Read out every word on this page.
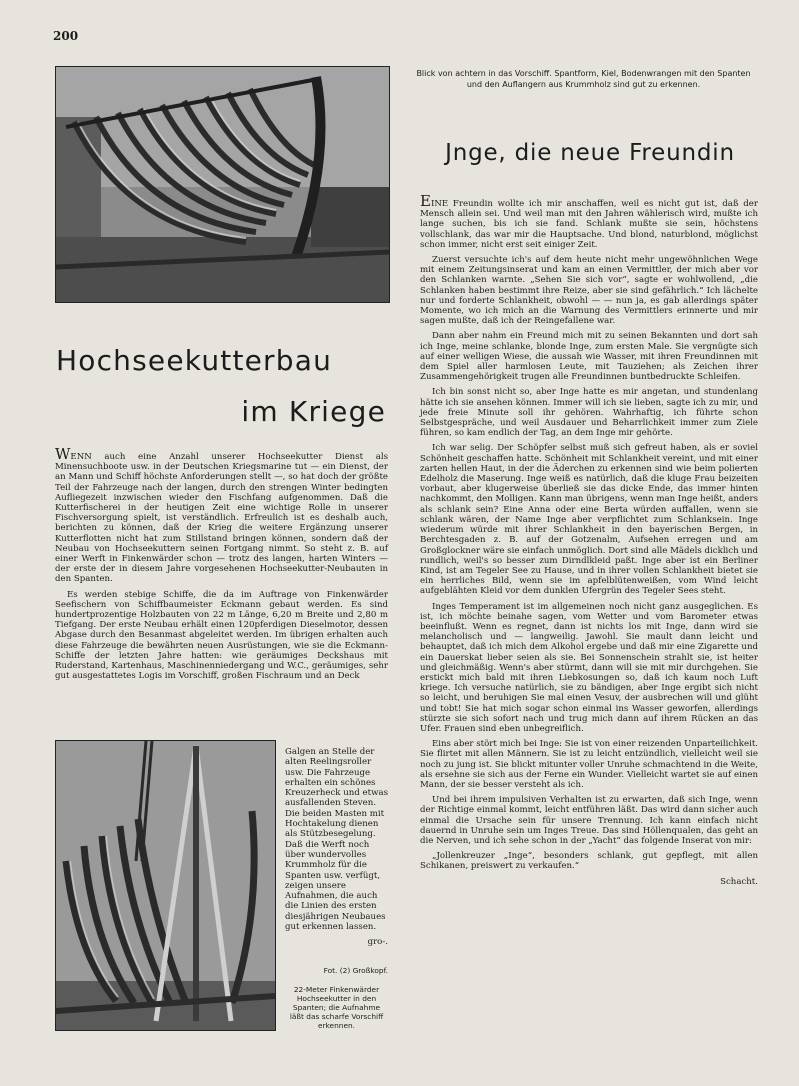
200
Blick von achtern in das Vorschiff. Spantform, Kiel, Bodenwrangen mit den Spanten und den Auflangern aus Krummholz sind gut zu erkennen.
Jnge, die neue Freundin
Hochseekutterbau
im Kriege

WENN auch eine Anzahl unserer Hochseekutter Dienst als Minensuchboote usw. in der Deutschen Kriegsmarine tut — ein Dienst, der an Mann und Schiff höchste Anforderungen stellt —, so hat doch der größte Teil der Fahrzeuge nach der langen, durch den strengen Winter bedingten Aufliegezeit inzwischen wieder den Fischfang aufgenommen. Daß die Kutterfischerei in der heutigen Zeit eine wichtige Rolle in unserer Fischversorgung spielt, ist verständlich. Erfreulich ist es deshalb auch, berichten zu können, daß der Krieg die weitere Ergänzung unserer Kutterflotten nicht hat zum Stillstand bringen können, sondern daß der Neubau von Hochseekuttern seinen Fortgang nimmt. So steht z. B. auf einer Werft in Finkenwärder schon — trotz des langen, harten Winters — der erste der in diesem Jahre vorgesehenen Hochseekutter-Neubauten in den Spanten.

Es werden stebige Schiffe, die da im Auftrage von Finkenwärder Seefischern von Schiffbaumeister Eckmann gebaut werden. Es sind hundertprozentige Holzbauten von 22 m Länge, 6,20 m Breite und 2,80 m Tiefgang. Der erste Neubau erhält einen 120pferdigen Dieselmotor, dessen Abgase durch den Besanmast abgeleitet werden. Im übrigen erhalten auch diese Fahrzeuge die bewährten neuen Ausrüstungen, wie sie die Eckmann-Schiffe der letzten Jahre hatten: wie geräumiges Deckshaus mit Ruderstand, Kartenhaus, Maschinenniedergang und W.C., geräumiges, sehr gut ausgestattetes Logis im Vorschiff, großen Fischraum und an Deck

Galgen an Stelle der alten Reelingsroller usw. Die Fahrzeuge erhalten ein schönes Kreuzerheck und etwas ausfallenden Steven. Die beiden Masten mit Hochtakelung dienen als Stützbesegelung. Daß die Werft noch über wundervolles Krummholz für die Spanten usw. verfügt, zeigen unsere Aufnahmen, die auch die Linien des ersten diesjährigen Neubaues gut erkennen lassen.

gro-.

Fot. (2) Großkopf.
22-Meter Finkenwärder Hochseekutter in den Spanten; die Aufnahme läßt das scharfe Vorschiff erkennen.

EINE Freundin wollte ich mir anschaffen, weil es nicht gut ist, daß der Mensch allein sei. Und weil man mit den Jahren wählerisch wird, mußte ich lange suchen, bis ich sie fand. Schlank mußte sie sein, höchstens vollschlank, das war mir die Hauptsache. Und blond, naturblond, möglichst schon immer, nicht erst seit einiger Zeit.

Zuerst versuchte ich's auf dem heute nicht mehr ungewöhnlichen Wege mit einem Zeitungsinserat und kam an einen Vermittler, der mich aber vor den Schlanken warnte. „Sehen Sie sich vor“, sagte er wohlwollend, „die Schlanken haben bestimmt ihre Reize, aber sie sind gefährlich.“ Ich lächelte nur und forderte Schlankheit, obwohl — — nun ja, es gab allerdings später Momente, wo ich mich an die Warnung des Vermittlers erinnerte und mir sagen mußte, daß ich der Reingefallene war.

Dann aber nahm ein Freund mich mit zu seinen Bekannten und dort sah ich Inge, meine schlanke, blonde Inge, zum ersten Male. Sie vergnügte sich auf einer welligen Wiese, die aussah wie Wasser, mit ihren Freundinnen mit dem Spiel aller harmlosen Leute, mit Tauziehen; als Zeichen ihrer Zusammengehörigkeit trugen alle Freundinnen buntbedruckte Schleifen.

Ich bin sonst nicht so, aber Inge hatte es mir angetan, und stundenlang hätte ich sie ansehen können. Immer will ich sie lieben, sagte ich zu mir, und jede freie Minute soll ihr gehören. Wahrhaftig, ich führte schon Selbstgespräche, und weil Ausdauer und Beharrlichkeit immer zum Ziele führen, so kam endlich der Tag, an dem Inge mir gehörte.

Ich war selig. Der Schöpfer selbst muß sich gefreut haben, als er soviel Schönheit geschaffen hatte. Schönheit mit Schlankheit vereint, und mit einer zarten hellen Haut, in der die Äderchen zu erkennen sind wie beim polierten Edelholz die Maserung. Inge weiß es natürlich, daß die kluge Frau beizeiten vorbaut, aber klugerweise überließ sie das dicke Ende, das immer hinten nachkommt, den Molligen. Kann man übrigens, wenn man Inge heißt, anders als schlank sein? Eine Anna oder eine Berta würden auffallen, wenn sie schlank wären, der Name Inge aber verpflichtet zum Schlanksein. Inge wiederum würde mit ihrer Schlankheit in den bayerischen Bergen, in Berchtesgaden z. B. auf der Gotzenalm, Aufsehen erregen und am Großglockner wäre sie einfach unmöglich. Dort sind alle Mädels dicklich und rundlich, weil's so besser zum Dirndlkleid paßt. Inge aber ist ein Berliner Kind, ist am Tegeler See zu Hause, und in ihrer vollen Schlankheit bietet sie ein herrliches Bild, wenn sie im apfelblütenweißen, vom Wind leicht aufgeblähten Kleid vor dem dunklen Ufergrün des Tegeler Sees steht.

Inges Temperament ist im allgemeinen noch nicht ganz ausgeglichen. Es ist, ich möchte beinahe sagen, vom Wetter und vom Barometer etwas beeinflußt. Wenn es regnet, dann ist nichts los mit Inge, dann wird sie melancholisch und — langweilig. Jawohl. Sie mault dann leicht und behauptet, daß ich mich dem Alkohol ergebe und daß mir eine Zigarette und ein Dauerskat lieber seien als sie. Bei Sonnenschein strahlt sie, ist heiter und gleichmäßig. Wenn's aber stürmt, dann will sie mit mir durchgehen. Sie erstickt mich bald mit ihren Liebkosungen so, daß ich kaum noch Luft kriege. Ich versuche natürlich, sie zu bändigen, aber Inge ergibt sich nicht so leicht, und beruhigen Sie mal einen Vesuv, der ausbrechen will und glüht und tobt! Sie hat mich sogar schon einmal ins Wasser geworfen, allerdings stürzte sie sich sofort nach und trug mich dann auf ihrem Rücken an das Ufer. Frauen sind eben unbegreiflich.

Eins aber stört mich bei Inge: Sie ist von einer reizenden Unparteilichkeit. Sie flirtet mit allen Männern. Sie ist zu leicht entzündlich, vielleicht weil sie noch zu jung ist. Sie blickt mitunter voller Unruhe schmachtend in die Weite, als ersehne sie sich aus der Ferne ein Wunder. Vielleicht wartet sie auf einen Mann, der sie besser versteht als ich.

Und bei ihrem impulsiven Verhalten ist zu erwarten, daß sich Inge, wenn der Richtige einmal kommt, leicht entführen läßt. Das wird dann sicher auch einmal die Ursache sein für unsere Trennung. Ich kann einfach nicht dauernd in Unruhe sein um Inges Treue. Das sind Höllenqualen, das geht an die Nerven, und ich sehe schon in der „Yacht“ das folgende Inserat von mir:

„Jollenkreuzer „Inge“, besonders schlank, gut gepflegt, mit allen Schikanen, preiswert zu verkaufen.“

Schacht.
